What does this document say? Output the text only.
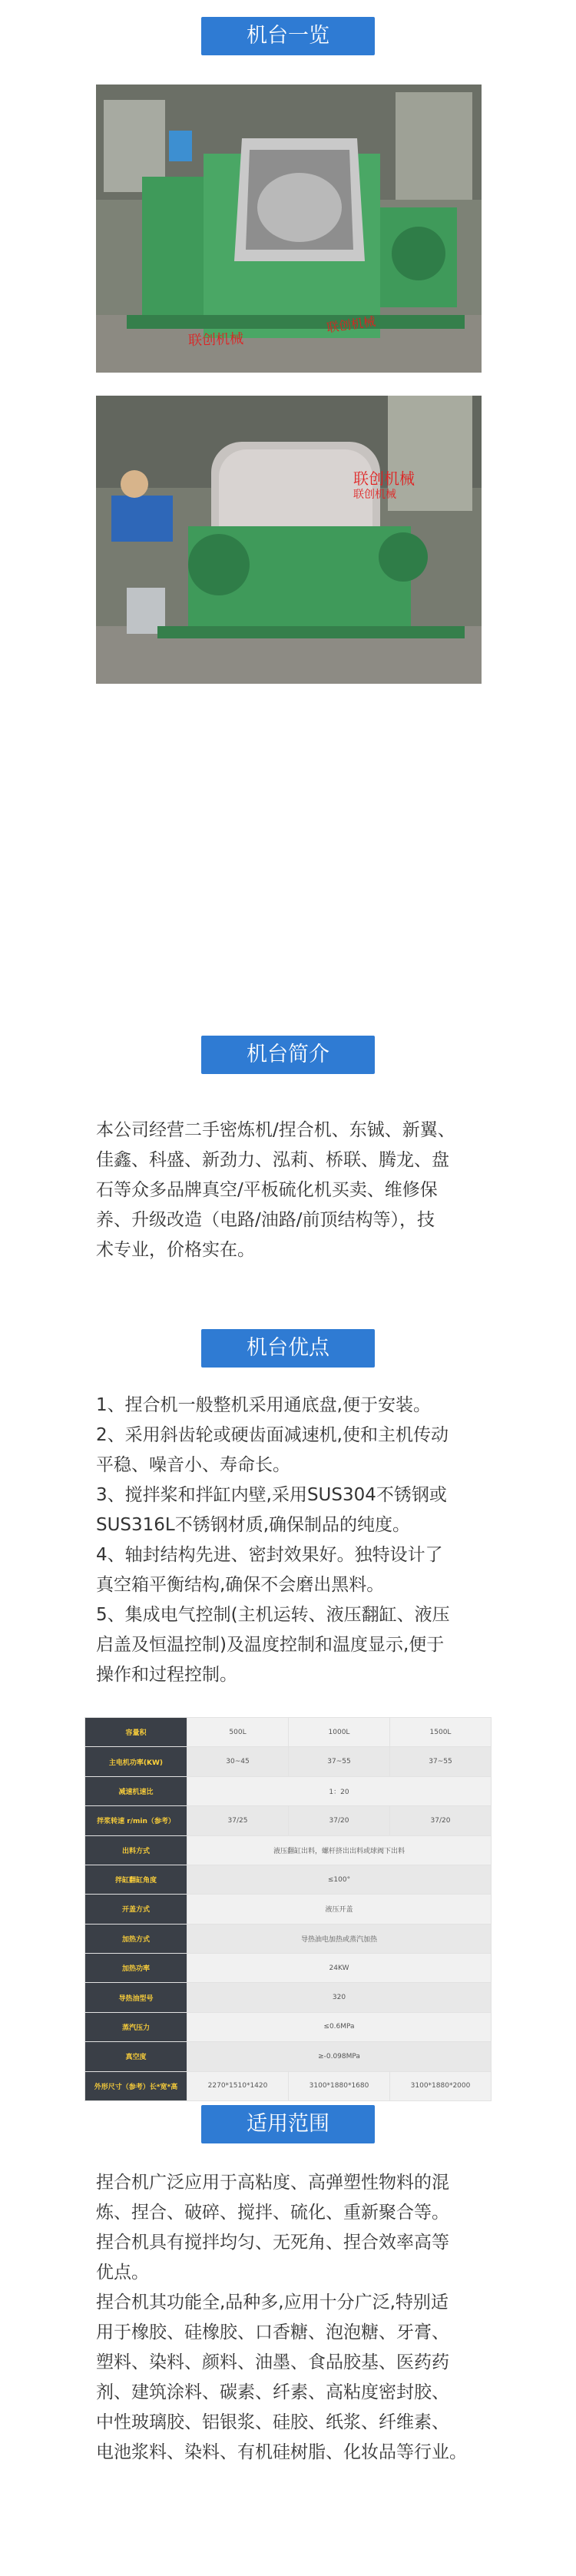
机台一览
联创机械
联创机械
联创机械
联创机械
机台简介

本公司经营二手密炼机/捏合机、东铖、新翼、

佳鑫、科盛、新劲力、泓莉、桥联、腾龙、盘

石等众多品牌真空/平板硫化机买卖、维修保

养、升级改造（电路/油路/前顶结构等），技

术专业，价格实在。

机台优点

1、捏合机一般整机采用通底盘,便于安装。

2、采用斜齿轮或硬齿面减速机,使和主机传动

平稳、噪音小、寿命长。

3、搅拌桨和拌缸内壁,采用SUS304不锈钢或

SUS316L不锈钢材质,确保制品的纯度。

4、轴封结构先进、密封效果好。独特设计了

真空箱平衡结构,确保不会磨出黑料。

5、集成电气控制(主机运转、液压翻缸、液压

启盖及恒温控制)及温度控制和温度显示,便于

操作和过程控制。

容量积	500L	1000L	1500L
主电机功率(KW)	30~45	37~55	37~55
减速机速比	1：20		
拌浆转速 r/min（参考）	37/25	37/20	37/20
出料方式	液压翻缸出料，螺杆挤出出料或球阀下出料		
拌缸翻缸角度	≤100°		
开盖方式	液压开盖		
加热方式	导热油电加热或蒸汽加热		
加热功率	24KW		
导热油型号	320		
蒸汽压力	≤0.6MPa		
真空度	≥-0.098MPa		
外形尺寸（参考）长*宽*高	2270*1510*1420	3100*1880*1680	3100*1880*2000
适用范围

捏合机广泛应用于高粘度、高弹塑性物料的混

炼、捏合、破碎、搅拌、硫化、重新聚合等。

捏合机具有搅拌均匀、无死角、捏合效率高等

优点。

捏合机其功能全,品种多,应用十分广泛,特别适

用于橡胶、硅橡胶、口香糖、泡泡糖、牙膏、

塑料、染料、颜料、油墨、食品胶基、医药药

剂、建筑涂料、碳素、纤素、高粘度密封胶、

中性玻璃胶、铝银浆、硅胶、纸浆、纤维素、

电池浆料、染料、有机硅树脂、化妆品等行业。
